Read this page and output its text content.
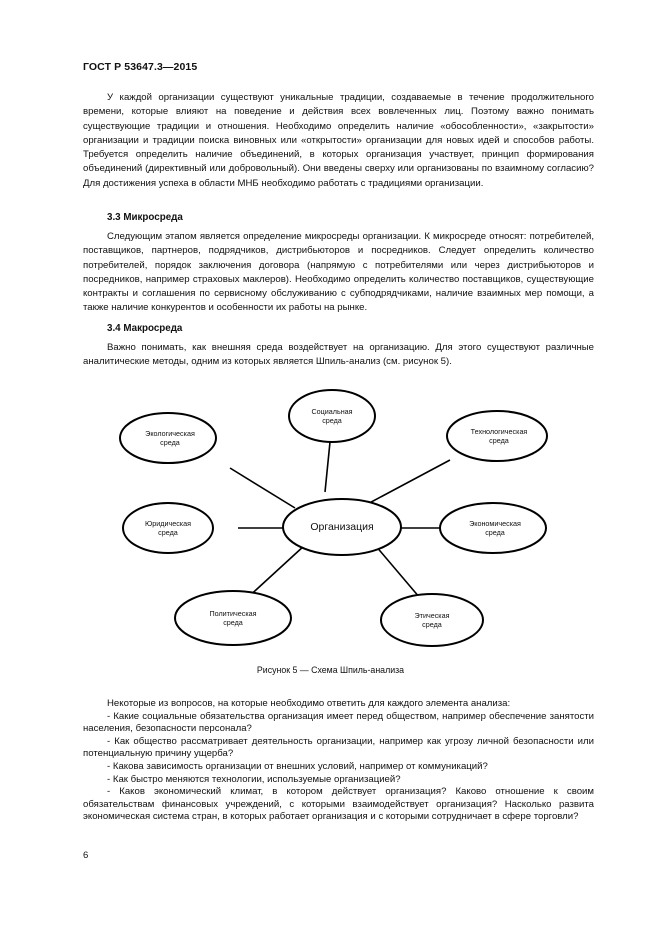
ГОСТ Р 53647.3—2015

У каждой организации существуют уникальные традиции, создаваемые в течение продолжительного времени, которые влияют на поведение и действия всех вовлеченных лиц. Поэтому важно понимать существующие традиции и отношения. Необходимо определить наличие «обособленности», «закрытости» организации и традиции поиска виновных или «открытости» организации для новых идей и способов работы. Требуется определить наличие объединений, в которых организация участвует, принцип формирования объединений (директивный или добровольный). Они введены сверху или организованы по взаимному согласию? Для достижения успеха в области МНБ необходимо работать с традициями организации.

3.3 Микросреда

Следующим этапом является определение микросреды организации. К микросреде относят: потребителей, поставщиков, партнеров, подрядчиков, дистрибьюторов и посредников. Следует определить количество потребителей, порядок заключения договора (напрямую с потребителями или через дистрибьюторов и посредников, например страховых маклеров). Необходимо определить количество поставщиков, существующие контракты и соглашения по сервисному обслуживанию с субподрядчиками, наличие взаимных мер помощи, а также наличие конкурентов и особенности их работы на рынке.

3.4 Макросреда

Важно понимать, как внешняя среда воздействует на организацию. Для этого существуют различные аналитические методы, одним из которых является Шпиль-анализ (см. рисунок 5).

Организация
Социальная
среда
Экологическая
среда
Технологическая
среда
Юридическая
среда
Экономическая
среда
Политическая
среда
Этическая
среда
Рисунок 5 — Схема Шпиль-анализа
Некоторые из вопросов, на которые необходимо ответить для каждого элемента анализа:
- Какие социальные обязательства организация имеет перед обществом, например обеспечение занятости населения, безопасности персонала?
- Как общество рассматривает деятельность организации, например как угрозу личной безопасности или потенциальную причину ущерба?
- Какова зависимость организации от внешних условий, например от коммуникаций?
- Как быстро меняются технологии, используемые организацией?
- Каков экономический климат, в котором действует организация? Каково отношение к своим обязательствам финансовых учреждений, с которыми взаимодействует организация? Насколько развита экономическая система стран, в которых работает организация и с которыми сотрудничает в сфере торговли?
6
